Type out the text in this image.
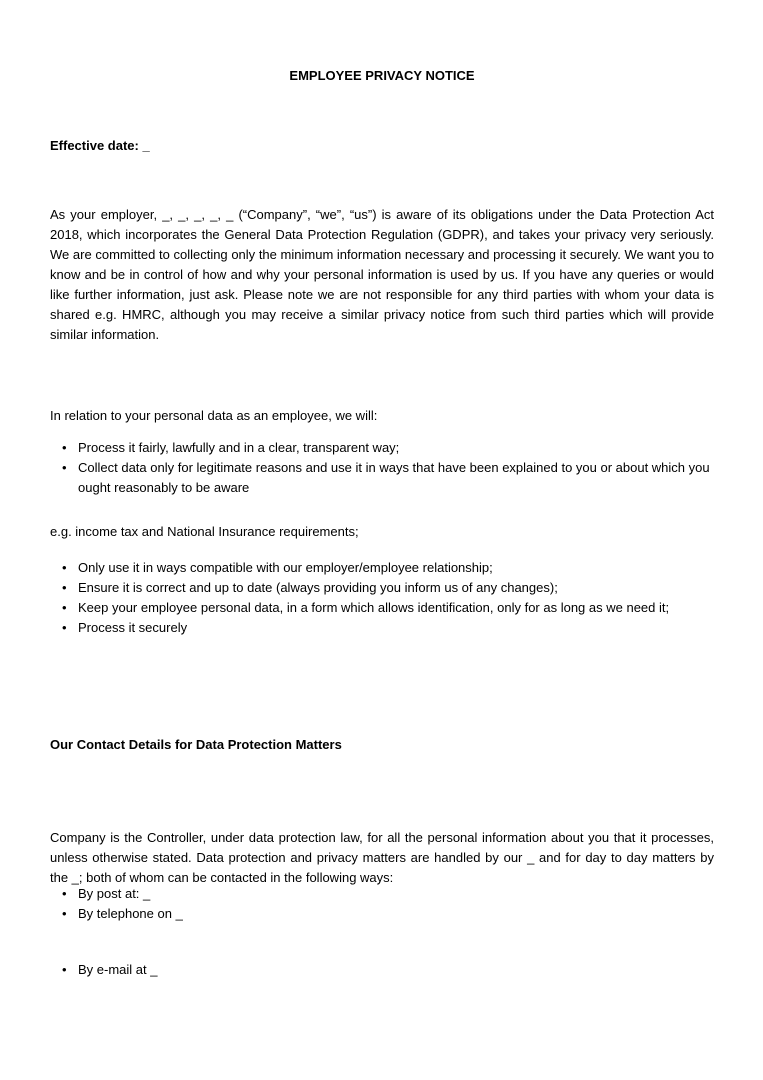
EMPLOYEE PRIVACY NOTICE
Effective date: _

As your employer, _, _, _, _, _ (“Company”, “we”, “us”) is aware of its obligations under the Data Protection Act 2018, which incorporates the General Data Protection Regulation (GDPR), and takes your privacy very seriously. We are committed to collecting only the minimum information necessary and processing it securely. We want you to know and be in control of how and why your personal information is used by us. If you have any queries or would like further information, just ask. Please note we are not responsible for any third parties with whom your data is shared e.g. HMRC, although you may receive a similar privacy notice from such third parties which will provide similar information.

In relation to your personal data as an employee, we will:

• Process it fairly, lawfully and in a clear, transparent way;
• Collect data only for legitimate reasons and use it in ways that have been explained to you or about which you ought reasonably to be aware

e.g. income tax and National Insurance requirements;

• Only use it in ways compatible with our employer/employee relationship;
• Ensure it is correct and up to date (always providing you inform us of any changes);
• Keep your employee personal data, in a form which allows identification, only for as long as we need it;
• Process it securely
Our Contact Details for Data Protection Matters

Company is the Controller, under data protection law, for all the personal information about you that it processes, unless otherwise stated. Data protection and privacy matters are handled by our _ and for day to day matters by the _; both of whom can be contacted in the following ways:

• By post at: _
• By telephone on _
• By e-mail at _
